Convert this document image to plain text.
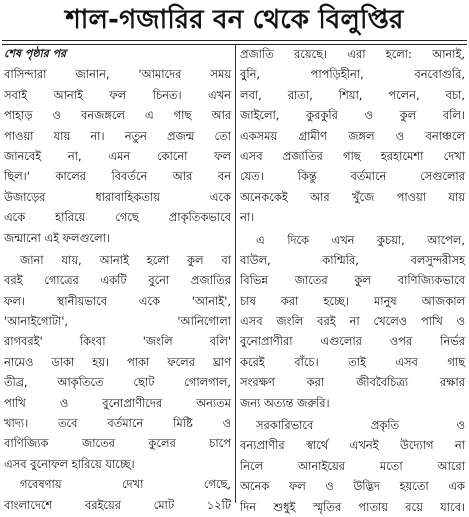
শাল-গজারির বন থেকে বিলুপ্তির
শেষ পৃষ্ঠার পর
বাসিন্দারা জানান, 'আমাদের সময়
সবাই আনাই ফল চিনত। এখন
পাহাড় ও বনজঙ্গলে এ গাছ আর
পাওয়া যায় না। নতুন প্রজন্ম তো
জানবেই না, এমন কোনো ফল
ছিল।' কালের বিবর্তনে আর বন
উজাড়ের ধারাবাহিকতায় একে
একে হারিয়ে গেছে প্রাকৃতিকভাবে
জন্মানো এই ফলগুলো।
জানা যায়, আনাই হলো কুল বা
বরই গোত্রের একটি বুনো প্রজাতির
ফল। স্থানীয়ভাবে একে 'আনাই',
'আনাইগোটা', 'আনিগোলা
রাগবরই' কিংবা 'জংলি বলি'
নামেও ডাকা হয়। পাকা ফলের ঘ্রাণ
তীব্র, আকৃতিতে ছোট গোলগাল,
পাখি ও বুনোপ্রাণীদের অন্যতম
খাদ্য। তবে বর্তমানে মিষ্টি ও
বাণিজ্যিক জাতের কুলের চাপে
এসব বুনোফল হারিয়ে যাচ্ছে।
গবেষণায় দেখা গেছে,
বাংলাদেশে বরইয়ের মোট ১২টি
প্রজাতি রয়েছে। এরা হলো: আনাই,
বুনি, পাপড়িহীনা, বনবোগুরি,
লবা, রাতা, শিয়া, পলেন, বচা,
জাইলো, কুরকুরি ও কুল বলি।
একসময় গ্রামীণ জঙ্গল ও বনাঞ্চলে
এসব প্রজাতির গাছ হরহামেশা দেখা
যেত। কিন্তু বর্তমানে সেগুলোর
অনেককেই আর খুঁজে পাওয়া যায়
না।
এ দিকে এখন কুচয়া, আপেল,
বাউল, কাশ্মিরি, বলসুন্দরীসহ
বিভিন্ন জাতের কুল বাণিজ্যিকভাবে
চাষ করা হচ্ছে। মানুষ আজকাল
এসব জংলি বরই না খেলেও পাখি ও
বুনোপ্রাণীরা এগুলোর ওপর নির্ভর
করেই বাঁচে। তাই এসব গাছ
সংরক্ষণ করা জীববৈচিত্র্য রক্ষার
জন্য অত্যন্ত জরুরি।
সরকারিভাবে প্রকৃতি ও
বন্যপ্রাণীর স্বার্থে এখনই উদ্যোগ না
নিলে আনাইয়ের মতো আরো
অনেক ফল ও উদ্ভিদ হয়তো এক
দিন শুধুই স্মৃতির পাতায় রয়ে যাবে।
